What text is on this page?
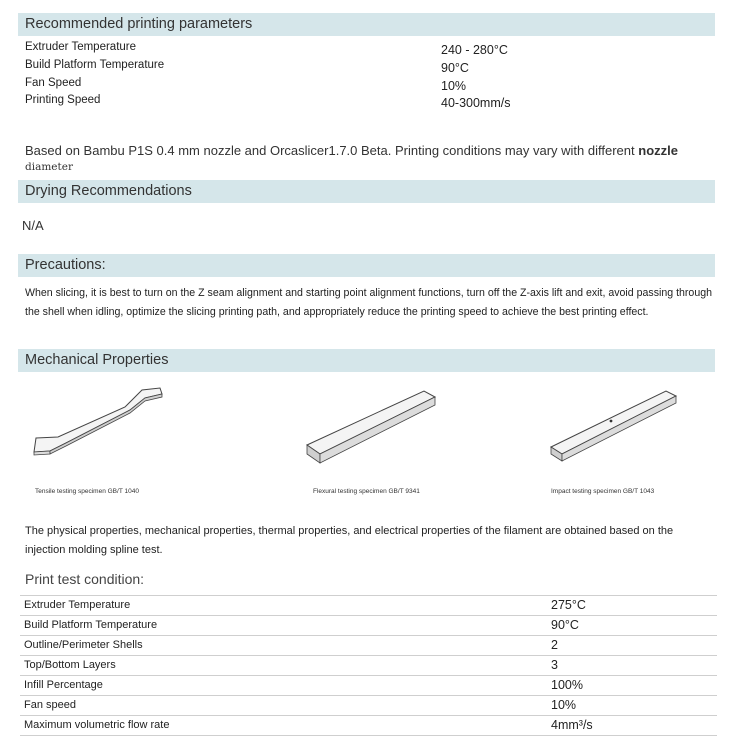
Recommended printing parameters
Extruder Temperature	240 - 280°C
Build Platform Temperature	90°C
Fan Speed	10%
Printing Speed	40-300mm/s
Based on Bambu P1S 0.4 mm nozzle and Orcaslicer1.7.0 Beta. Printing conditions may vary with different nozzle
diameter
Drying Recommendations
N/A
Precautions:
When slicing, it is best to turn on the Z seam alignment and starting point alignment functions, turn off the Z-axis lift and exit, avoid passing through the shell when idling, optimize the slicing printing path, and appropriately reduce the printing speed to achieve the best printing effect.
Mechanical Properties
Tensile testing specimen GB/T 1040	Flexural testing specimen GB/T 9341	Impact testing specimen GB/T 1043
The physical properties, mechanical properties, thermal properties, and electrical properties of the filament are obtained based on the injection molding spline test.
Print test condition:
Extruder Temperature	275°C
Build Platform Temperature	90°C
Outline/Perimeter Shells	2
Top/Bottom Layers	3
Infill Percentage	100%
Fan speed	10%
Maximum volumetric flow rate	4mm³/s
